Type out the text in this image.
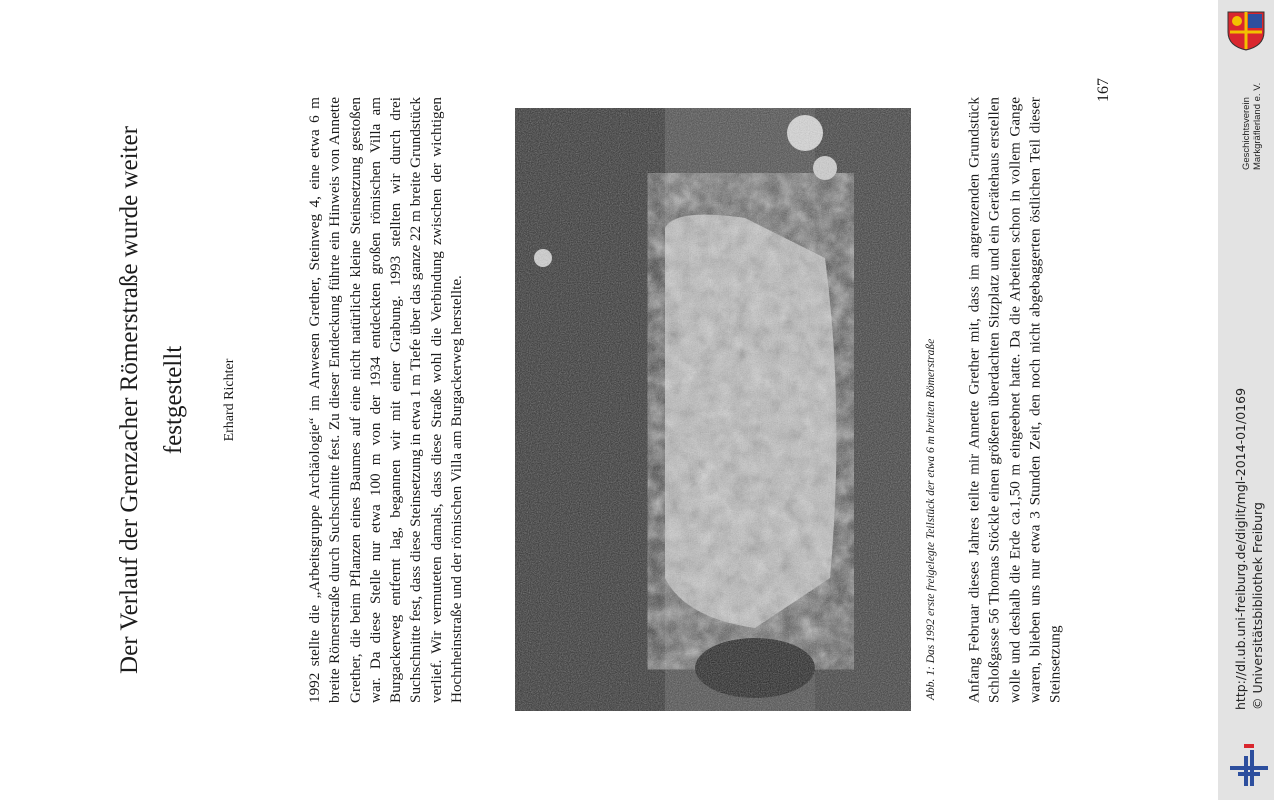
Der Verlauf der Grenzacher Römerstraße wurde weiter festgestellt	Erhard Richter	1992 stellte die „Arbeitsgruppe Archäologie“ im Anwesen Grether, Steinweg 4, eine etwa 6 m breite Römerstraße durch Suchschnitte fest. Zu dieser Entdeckung führte ein Hinweis von Annette Grether, die beim Pflanzen eines Baumes auf eine nicht natürliche kleine Steinsetzung gestoßen war. Da diese Stelle nur etwa 100 m von der 1934 entdeckten großen römischen Villa am Burgackerweg entfernt lag, begannen wir mit einer Grabung. 1993 stellten wir durch drei Suchschnitte fest, dass diese Steinsetzung in etwa 1 m Tiefe über das ganze 22 m breite Grundstück verlief. Wir vermuteten damals, dass diese Straße wohl die Verbindung zwischen der wichtigen Hochrheinstraße und der römischen Villa am Burgackerweg herstellte.	Abb. 1: Das 1992 erste freigelegte Teilstück der etwa 6 m breiten Römerstraße Anfang Februar dieses Jahres teilte mir Annette Grether mit, dass im angrenzenden Grundstück Schloßgasse 56 Thomas Stöckle einen größeren überdachten Sitzplatz und ein Gerätehaus erstellen wolle und deshalb die Erde ca.1,50 m eingeebnet hatte. Da die Arbeiten schon in vollem Gange waren, blieben uns nur etwa 3 Stunden Zeit, den noch nicht abgebaggerten östlichen Teil dieser Steinsetzung
167
Geschichtsverein Markgräflerland e. V.
http://dl.ub.uni-freiburg.de/diglit/mgl-2014-01/0169 © Universitätsbibliothek Freiburg
